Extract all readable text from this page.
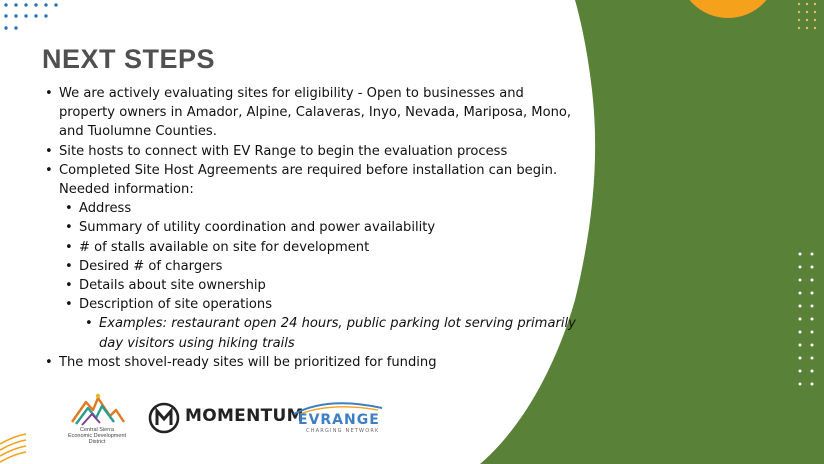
NEXT STEPS
• We are actively evaluating sites for eligibility - Open to businesses and property owners in Amador, Alpine, Calaveras, Inyo, Nevada, Mariposa, Mono, and Tuolumne Counties.
• Site hosts to connect with EV Range to begin the evaluation process
• Completed Site Host Agreements are required before installation can begin. Needed information:
• Address
• Summary of utility coordination and power availability
• # of stalls available on site for development
• Desired # of chargers
• Details about site ownership
• Description of site operations
• Examples: restaurant open 24 hours, public parking lot serving primarily day visitors using hiking trails
• The most shovel-ready sites will be prioritized for funding
Central Sierra
Economic Development District
MOMENTUM
EVRANGE
CHARGING NETWORK
